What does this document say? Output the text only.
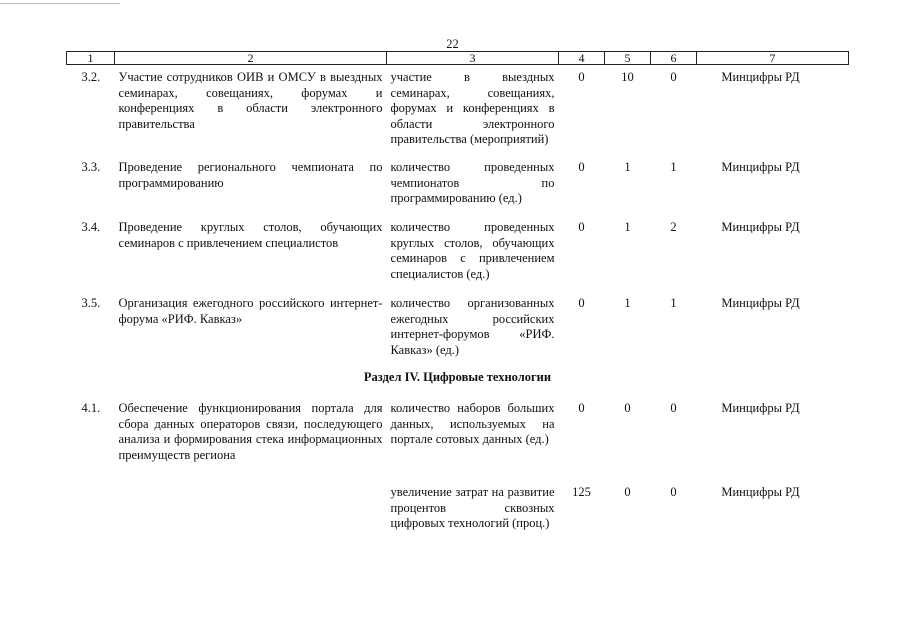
22
1	2	3	4	5	6	7
3.2.	Участие сотрудников ОИВ и ОМСУ в выездных семинарах, совещаниях, форумах и конференциях в области электронного правительства	участие в выездных семинарах, совещаниях, форумах и конференциях в области электронного правительства (мероприятий)	0	10	0	Минцифры РД
3.3.	Проведение регионального чемпионата по программированию	количество проведенных чемпионатов по программированию (ед.)	0	1	1	Минцифры РД
3.4.	Проведение круглых столов, обучающих семинаров с привлечением специалистов	количество проведенных круглых столов, обучающих семинаров с привлечением специалистов (ед.)	0	1	2	Минцифры РД
3.5.	Организация ежегодного российского интернет-форума «РИФ. Кавказ»	количество организованных ежегодных российских интернет-форумов «РИФ. Кавказ» (ед.)	0	1	1	Минцифры РД
Раздел IV. Цифровые технологии						
4.1.	Обеспечение функционирования портала для сбора данных операторов связи, последующего анализа и формирования стека информационных преимуществ региона	количество наборов больших данных, используемых на портале сотовых данных (ед.)	0	0	0	Минцифры РД
		увеличение затрат на развитие процентов сквозных цифровых технологий (проц.)	125	0	0	Минцифры РД
